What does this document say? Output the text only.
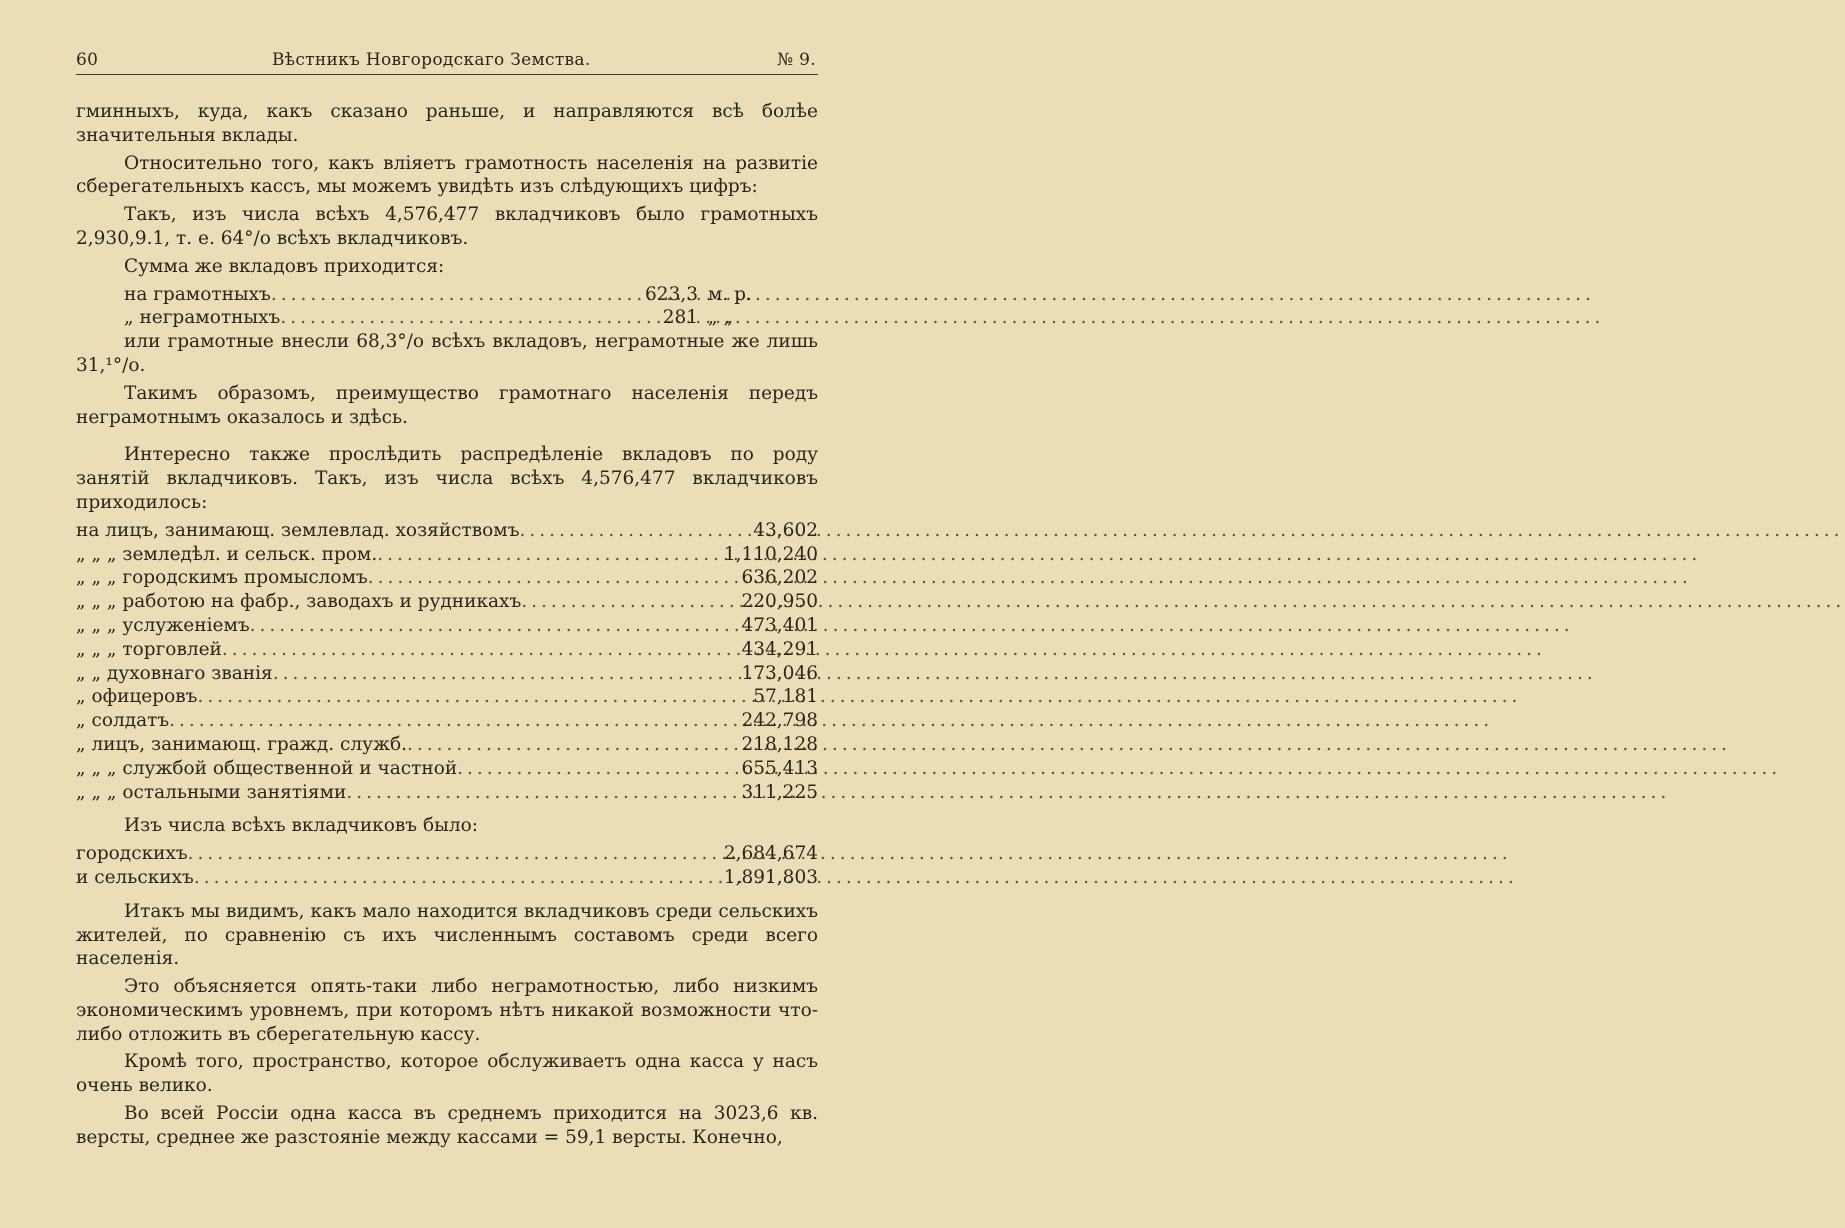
60	Вѣстникъ Новгородскаго Земства.	№ 9.

гминныхъ, куда, какъ сказано раньше, и направляются всѣ болѣе значительныя вклады.

Относительно того, какъ вліяетъ грамотность населенія на развитіе сберегательныхъ кассъ, мы можемъ увидѣть изъ слѣдующихъ цифръ:

Такъ, изъ числа всѣхъ 4,576,477 вкладчиковъ было грамотныхъ 2,930,9.1, т. е. 64°/о всѣхъ вкладчиковъ.

Сумма же вкладовъ приходится:

на грамотныхъ .....	623,3 м. р.
„ неграмотныхъ .....	281 „ „

или грамотные внесли 68,3°/о всѣхъ вкладовъ, неграмотные же лишь 31,¹°/о.

Такимъ образомъ, преимущество грамотнаго населенія передъ неграмотнымъ оказалось и здѣсь.

Интересно также прослѣдить распредѣленіе вкладовъ по роду занятій вкладчиковъ. Такъ, изъ числа всѣхъ 4,576,477 вкладчиковъ приходилось:

на лицъ, занимающ. землевлад. хозяйствомъ .....	43,602
„ „ „ земледѣл. и сельск. пром. .....	1,110,240
„ „ „ городскимъ промысломъ .....	636,202
„ „ „ работою на фабр., заводахъ и рудникахъ .....	220,950
„ „ „ услуженіемъ .....	473,401
„ „ „ торговлей .....	434,291
„ „ духовнаго званія .....	173,046
„ офицеровъ .....	57,181
„ солдатъ .....	242,798
„ лицъ, занимающ. гражд. служб. .....	218,128
„ „ „ службой общественной и частной .....	655,413
„ „ „ остальными занятіями .....	311,225

Изъ числа всѣхъ вкладчиковъ было:

городскихъ .....	2,684,674
и сельскихъ .....	1,891,803

Итакъ мы видимъ, какъ мало находится вкладчиковъ среди сельскихъ жителей, по сравненію съ ихъ численнымъ составомъ среди всего населенія.

Это объясняется опять-таки либо неграмотностью, либо низкимъ экономическимъ уровнемъ, при которомъ нѣтъ никакой возможности что-либо отложить въ сберегательную кассу.

Кромѣ того, пространство, которое обслуживаетъ одна касса у насъ очень велико.

Во всей Россіи одна касса въ среднемъ приходится на 3023,6 кв. версты, среднее же разстояніе между кассами = 59,1 версты. Конечно,
